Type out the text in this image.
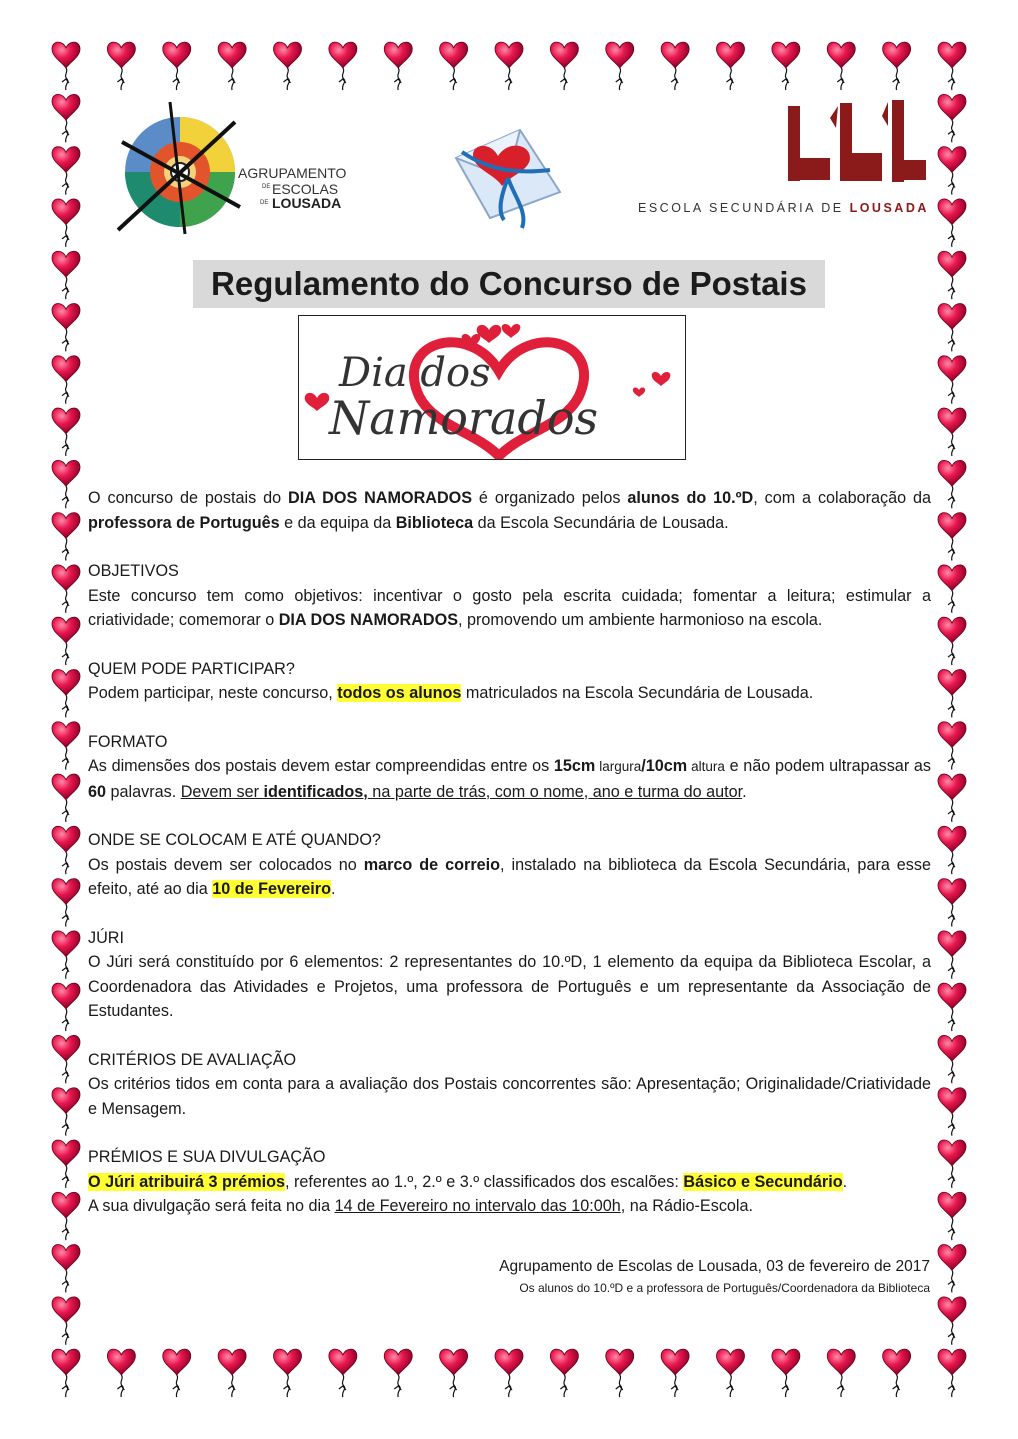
AGRUPAMENTO
DE ESCOLAS
DE LOUSADA	ESCOLA SECUNDÁRIA DE LOUSADA
Regulamento do Concurso de Postais
Dia dos
Namorados

O concurso de postais do DIA DOS NAMORADOS é organizado pelos alunos do 10.ºD, com a colaboração da professora de Português e da equipa da Biblioteca da Escola Secundária de Lousada.

OBJETIVOS

Este concurso tem como objetivos: incentivar o gosto pela escrita cuidada; fomentar a leitura; estimular a criatividade; comemorar o DIA DOS NAMORADOS, promovendo um ambiente harmonioso na escola.

QUEM PODE PARTICIPAR?

Podem participar, neste concurso, todos os alunos matriculados na Escola Secundária de Lousada.

FORMATO

As dimensões dos postais devem estar compreendidas entre os 15cm largura/10cm altura e não podem ultrapassar as 60 palavras. Devem ser identificados, na parte de trás, com o nome, ano e turma do autor.

ONDE SE COLOCAM E ATÉ QUANDO?

Os postais devem ser colocados no marco de correio, instalado na biblioteca da Escola Secundária, para esse efeito, até ao dia 10 de Fevereiro.

JÚRI

O Júri será constituído por 6 elementos: 2 representantes do 10.ºD, 1 elemento da equipa da Biblioteca Escolar, a Coordenadora das Atividades e Projetos, uma professora de Português e um representante da Associação de Estudantes.

CRITÉRIOS DE AVALIAÇÃO

Os critérios tidos em conta para a avaliação dos Postais concorrentes são: Apresentação; Originalidade/Criatividade e Mensagem.

PRÉMIOS E SUA DIVULGAÇÃO

O Júri atribuirá 3 prémios, referentes ao 1.º, 2.º e 3.º classificados dos escalões: Básico e Secundário.

A sua divulgação será feita no dia 14 de Fevereiro no intervalo das 10:00h, na Rádio-Escola.

Agrupamento de Escolas de Lousada, 03 de fevereiro de 2017
Os alunos do 10.ºD e a professora de Português/Coordenadora da Biblioteca
